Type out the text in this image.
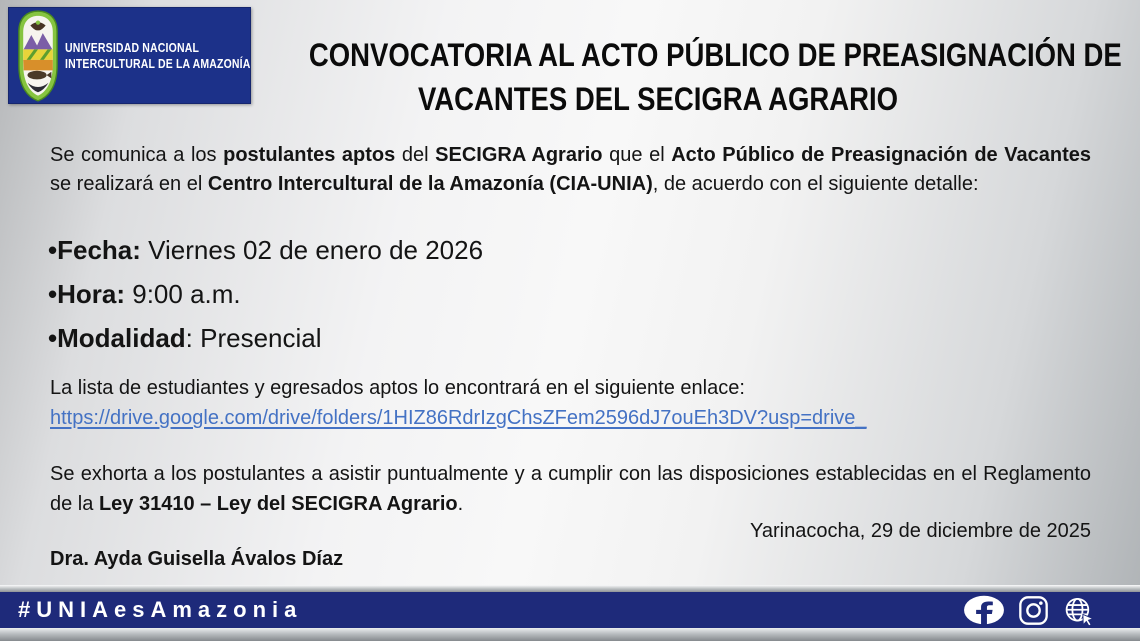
UNIVERSIDAD NACIONAL
INTERCULTURAL DE LA AMAZONÍA CONVOCATORIA AL ACTO PÚBLICO DE PREASIGNACIÓN DE
VACANTES DEL SECIGRA AGRARIO

Se comunica a los postulantes aptos del SECIGRA Agrario que el Acto Público de Preasignación de Vacantes se realizará en el Centro Intercultural de la Amazonía (CIA-UNIA), de acuerdo con el siguiente detalle:

•Fecha: Viernes 02 de enero de 2026
•Hora: 9:00 a.m.
•Modalidad: Presencial
La lista de estudiantes y egresados aptos lo encontrará en el siguiente enlace:
https://drive.google.com/drive/folders/1HIZ86RdrIzgChsZFem2596dJ7ouEh3DV?usp=drive_

Se exhorta a los postulantes a asistir puntualmente y a cumplir con las disposiciones establecidas en el Reglamento de la Ley 31410 – Ley del SECIGRA Agrario.

Yarinacocha, 29 de diciembre de 2025
Dra. Ayda Guisella Ávalos Díaz
#UNIAesAmazonia
